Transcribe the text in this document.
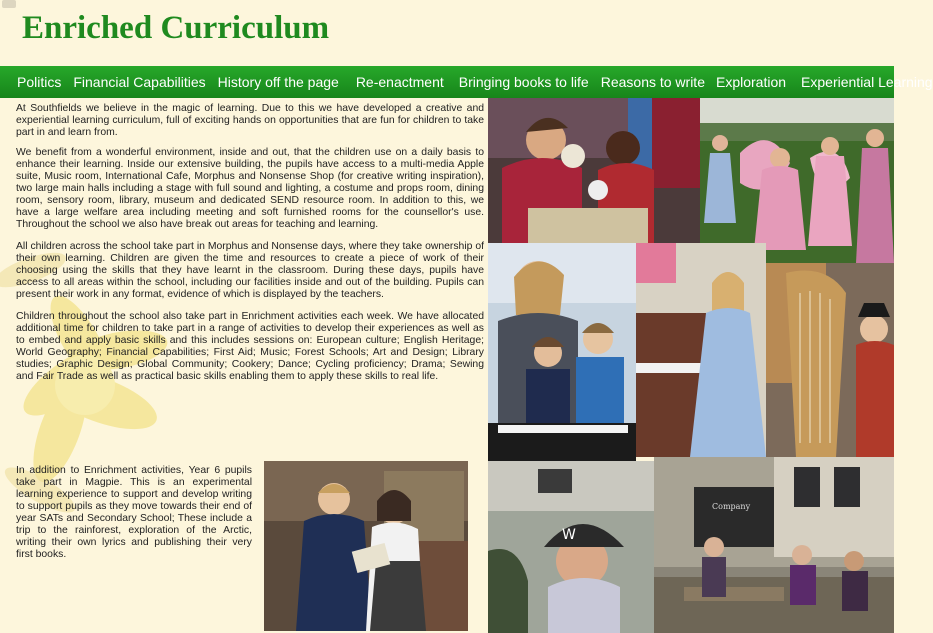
Enriched Curriculum
Politics Financial Capabilities History off the page Re-enactment Bringing books to life Reasons to write Exploration Experiential Learning

At Southfields we believe in the magic of learning. Due to this we have developed a creative and experiential learning curriculum, full of exciting hands on opportunities that are fun for children to take part in and learn from.

We benefit from a wonderful environment, inside and out, that the children use on a daily basis to enhance their learning. Inside our extensive building, the pupils have access to a multi-media Apple suite, Music room, International Cafe, Morphus and Nonsense Shop (for creative writing inspiration), two large main halls including a stage with full sound and lighting, a costume and props room, dining room, sensory room, library, museum and dedicated SEND resource room. In addition to this, we have a large welfare area including meeting and soft furnished rooms for the counsellor's use. Throughout the school we also have break out areas for teaching and learning.

All children across the school take part in Morphus and Nonsense days, where they take ownership of their own learning. Children are given the time and resources to create a piece of work of their choosing using the skills that they have learnt in the classroom. During these days, pupils have access to all areas within the school, including our facilities inside and out of the building. Pupils can present their work in any format, evidence of which is displayed by the teachers.

Children throughout the school also take part in Enrichment activities each week. We have allocated additional time for children to take part in a range of activities to develop their experiences as well as to embed and apply basic skills and this includes sessions on: European culture; English Heritage; World Geography; Financial Capabilities; First Aid; Music; Forest Schools; Art and Design; Library studies; Graphic Design; Global Community; Cookery; Dance; Cycling proficiency; Drama; Sewing and Fair Trade as well as practical basic skills enabling them to apply these skills to real life.

In addition to Enrichment activities, Year 6 pupils take part in Magpie. This is an experimental learning experience to support and develop writing to support pupils as they move towards their end of year SATs and Secondary School; These include a trip to the rainforest, exploration of the Arctic, writing their own lyrics and publishing their very first books.
W
Company
